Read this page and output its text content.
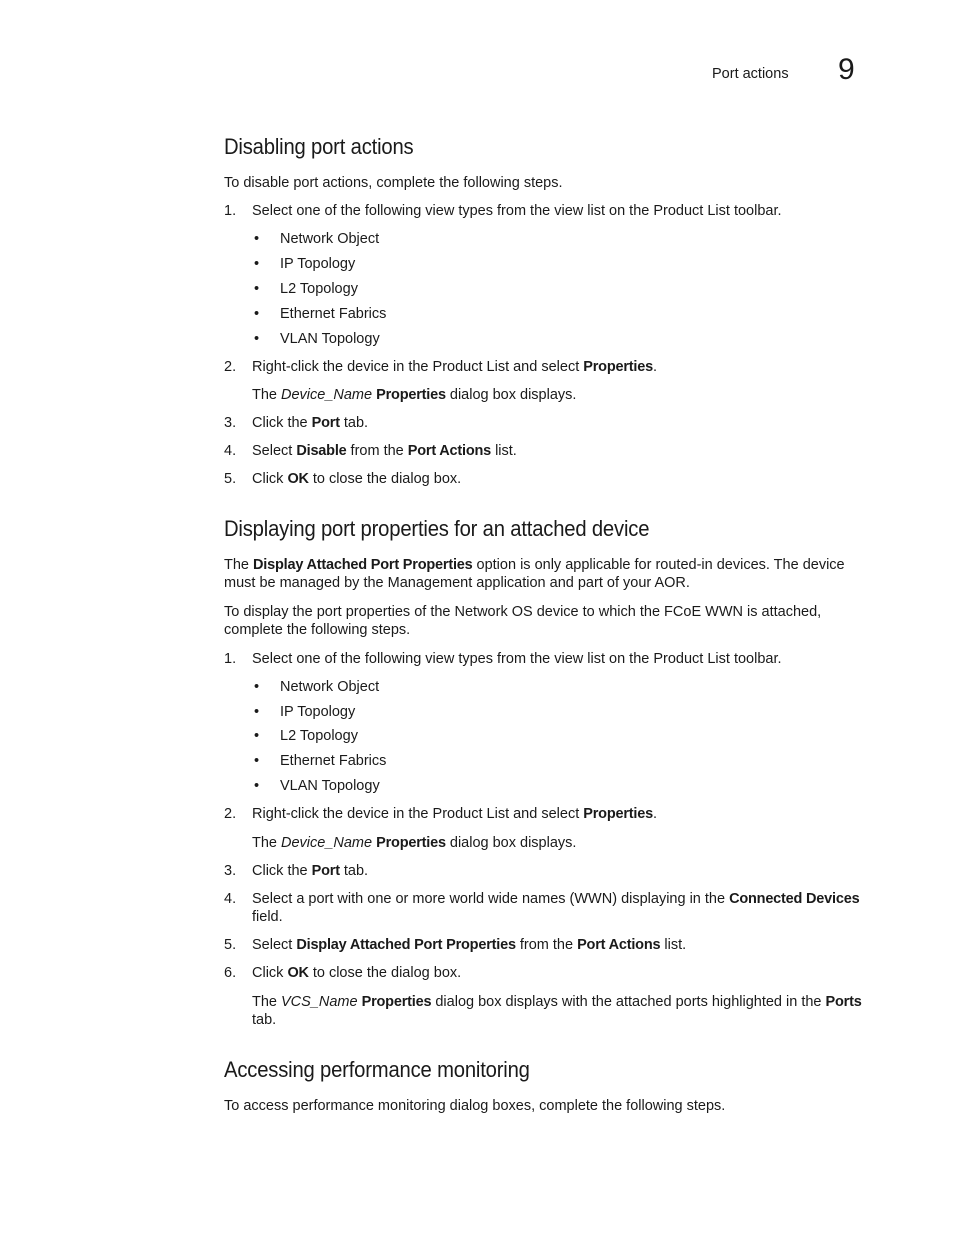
Port actions 9
Disabling port actions

To disable port actions, complete the following steps.

1.	Select one of the following view types from the view list on the Product List toolbar.
• Network Object
• IP Topology
• L2 Topology
• Ethernet Fabrics
• VLAN Topology
2.	Right-click the device in the Product List and select Properties.
The Device_Name Properties dialog box displays.
3.	Click the Port tab.
4.	Select Disable from the Port Actions list.
5.	Click OK to close the dialog box.
Displaying port properties for an attached device

The Display Attached Port Properties option is only applicable for routed-in devices. The device must be managed by the Management application and part of your AOR.

To display the port properties of the Network OS device to which the FCoE WWN is attached, complete the following steps.

1.	Select one of the following view types from the view list on the Product List toolbar.
• Network Object
• IP Topology
• L2 Topology
• Ethernet Fabrics
• VLAN Topology
2.	Right-click the device in the Product List and select Properties.
The Device_Name Properties dialog box displays.
3.	Click the Port tab.
4.	Select a port with one or more world wide names (WWN) displaying in the Connected Devices field.
5.	Select Display Attached Port Properties from the Port Actions list.
6.	Click OK to close the dialog box.
The VCS_Name Properties dialog box displays with the attached ports highlighted in the Ports tab.
Accessing performance monitoring

To access performance monitoring dialog boxes, complete the following steps.
